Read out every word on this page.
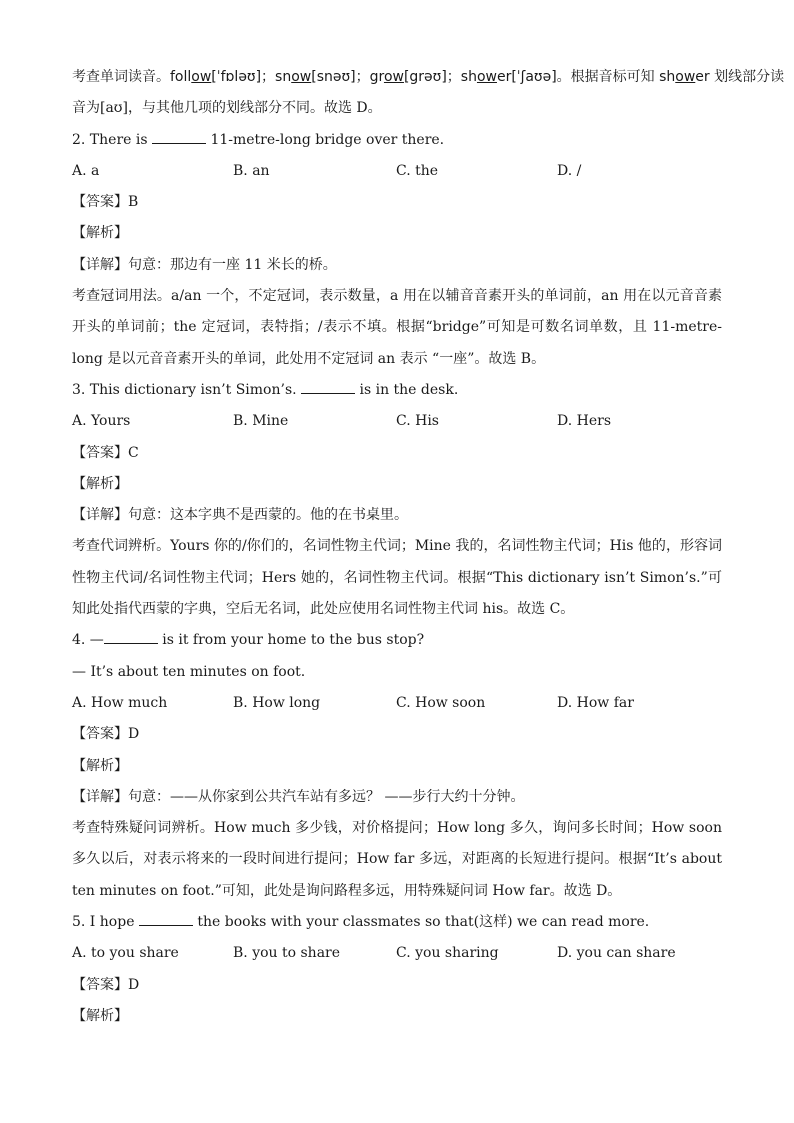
考查单词读音。follow[ˈfɒləʊ]；snow[snəʊ]；grow[grəʊ]；shower[ˈʃaʊə]。根据音标可知 shower 划线部分读
音为[aʊ]，与其他几项的划线部分不同。故选 D。
2. There is	11-metre-long bridge over there.
A. a	B. an	C. the	D. /
【答案】B
【解析】
【详解】句意：那边有一座 11 米长的桥。
考查冠词用法。a/an 一个，不定冠词，表示数量，a 用在以辅音音素开头的单词前，an 用在以元音音素开头的单词前；the 定冠词，表特指；/表示不填。根据“bridge”可知是可数名词单数，且 11-metre-long 是以元音音素开头的单词，此处用不定冠词 an 表示 “一座”。故选 B。
3. This dictionary isn’t Simon’s.	is in the desk.
A. Yours	B. Mine	C. His	D. Hers
【答案】C
【解析】
【详解】句意：这本字典不是西蒙的。他的在书桌里。
考查代词辨析。Yours 你的/你们的，名词性物主代词；Mine 我的，名词性物主代词；His 他的，形容词性物主代词/名词性物主代词；Hers 她的，名词性物主代词。根据“This dictionary isn’t Simon’s.”可知此处指代西蒙的字典，空后无名词，此处应使用名词性物主代词 his。故选 C。
4. —	is it from your home to the bus stop?
— It’s about ten minutes on foot.
A. How much	B. How long	C. How soon	D. How far
【答案】D
【解析】
【详解】句意：——从你家到公共汽车站有多远？ ——步行大约十分钟。
考查特殊疑问词辨析。How much 多少钱，对价格提问；How long 多久，询问多长时间；How soon 多久以后，对表示将来的一段时间进行提问；How far 多远，对距离的长短进行提问。根据“It’s about ten minutes on foot.”可知，此处是询问路程多远，用特殊疑问词 How far。故选 D。
5. I hope	the books with your classmates so that(这样) we can read more.
A. to you share	B. you to share	C. you sharing	D. you can share
【答案】D
【解析】
